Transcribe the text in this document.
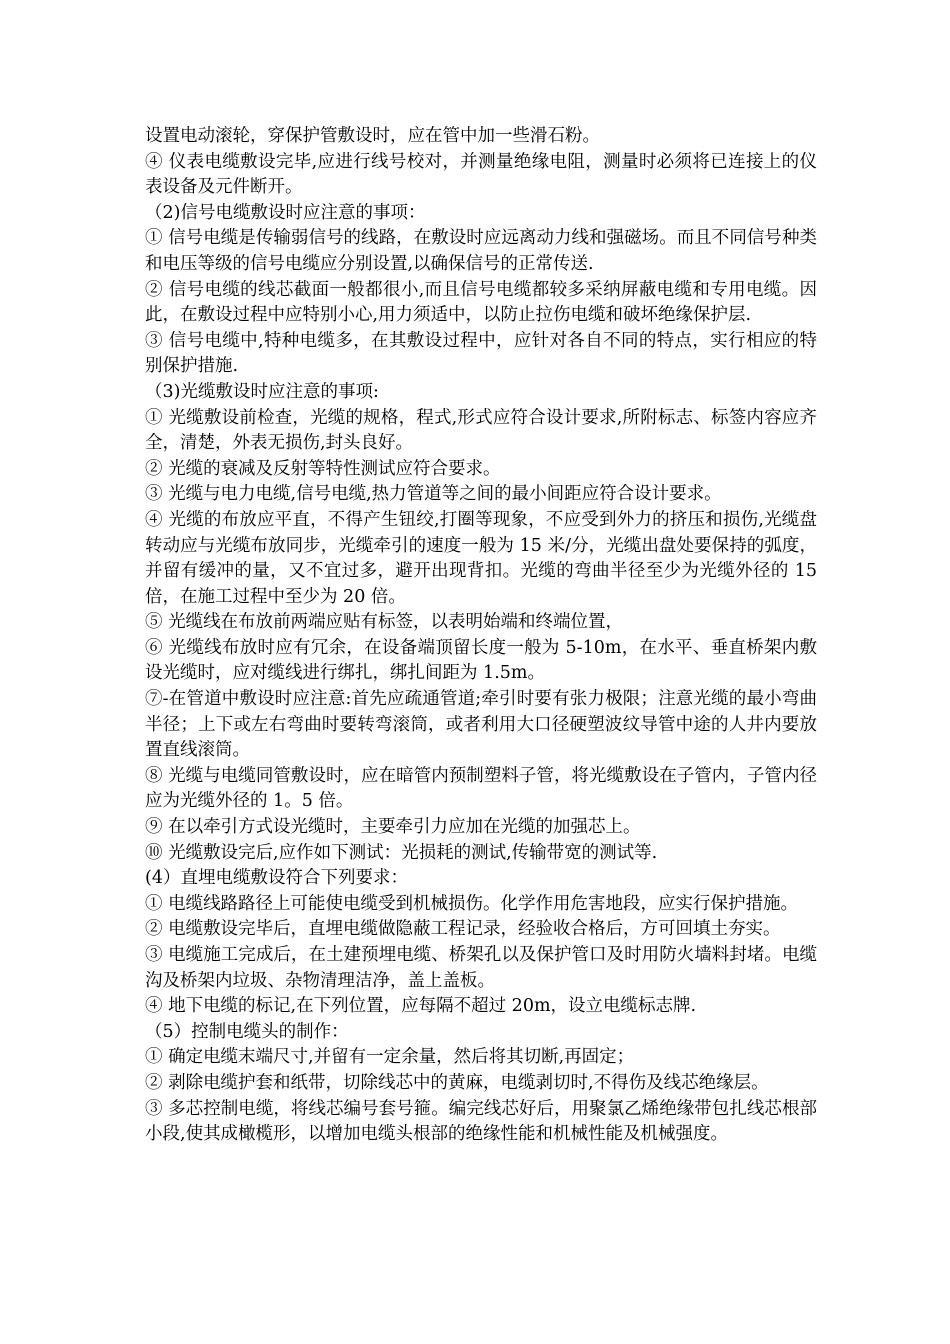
设置电动滚轮，穿保护管敷设时，应在管中加一些滑石粉。

④ 仪表电缆敷设完毕,应进行线号校对，并测量绝缘电阻，测量时必须将已连接上的仪表设备及元件断开。

（2)信号电缆敷设时应注意的事项：

① 信号电缆是传输弱信号的线路，在敷设时应远离动力线和强磁场。而且不同信号种类和电压等级的信号电缆应分别设置,以确保信号的正常传送.

② 信号电缆的线芯截面一般都很小,而且信号电缆都较多采纳屏蔽电缆和专用电缆。因此，在敷设过程中应特别小心,用力须适中，以防止拉伤电缆和破坏绝缘保护层.

③ 信号电缆中,特种电缆多，在其敷设过程中，应针对各自不同的特点，实行相应的特别保护措施.

（3)光缆敷设时应注意的事项:

① 光缆敷设前检查，光缆的规格，程式,形式应符合设计要求,所附标志、标签内容应齐全，清楚，外表无损伤,封头良好。

② 光缆的衰减及反射等特性测试应符合要求。

③ 光缆与电力电缆,信号电缆,热力管道等之间的最小间距应符合设计要求。

④ 光缆的布放应平直，不得产生钮绞,打圈等现象，不应受到外力的挤压和损伤,光缆盘转动应与光缆布放同步，光缆牵引的速度一般为 15 米/分，光缆出盘处要保持的弧度，并留有缓冲的量，又不宜过多，避开出现背扣。光缆的弯曲半径至少为光缆外径的 15 倍，在施工过程中至少为 20 倍。

⑤ 光缆线在布放前两端应贴有标签，以表明始端和终端位置，

⑥ 光缆线布放时应有冗余，在设备端顶留长度一般为 5-10m，在水平、垂直桥架内敷设光缆时，应对缆线进行绑扎，绑扎间距为 1.5m。

⑦-在管道中敷设时应注意:首先应疏通管道;牵引时要有张力极限；注意光缆的最小弯曲半径；上下或左右弯曲时要转弯滚筒，或者利用大口径硬塑波纹导管中途的人井内要放置直线滚筒。

⑧ 光缆与电缆同管敷设时，应在暗管内预制塑料子管，将光缆敷设在子管内，子管内径应为光缆外径的 1。5 倍。

⑨ 在以牵引方式设光缆时，主要牵引力应加在光缆的加强芯上。

⑩ 光缆敷设完后,应作如下测试：光损耗的测试,传输带宽的测试等.

(4）直埋电缆敷设符合下列要求：

① 电缆线路路径上可能使电缆受到机械损伤。化学作用危害地段，应实行保护措施。

② 电缆敷设完毕后，直埋电缆做隐蔽工程记录，经验收合格后，方可回填土夯实。

③ 电缆施工完成后，在土建预埋电缆、桥架孔以及保护管口及时用防火墙料封堵。电缆沟及桥架内垃圾、杂物清理洁净，盖上盖板。

④ 地下电缆的标记,在下列位置，应每隔不超过 20m，设立电缆标志牌.

（5）控制电缆头的制作：

① 确定电缆末端尺寸,并留有一定余量，然后将其切断,再固定；

② 剥除电缆护套和纸带，切除线芯中的黄麻，电缆剥切时,不得伤及线芯绝缘层。

③ 多芯控制电缆，将线芯编号套号箍。编完线芯好后，用聚氯乙烯绝缘带包扎线芯根部小段,使其成橄榄形，以增加电缆头根部的绝缘性能和机械性能及机械强度。
